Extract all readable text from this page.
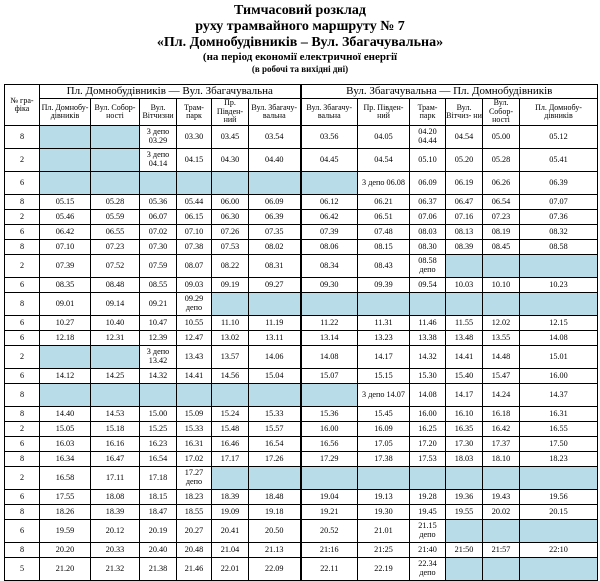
Тимчасовий розклад
руху трамвайного маршруту № 7
«Пл. Домнобудівників – Вул. Збагачувальна»
(на період економії електричної енергії
(в робочі та вихідні дні)
№ гра- фіка	Пл. Домнобудівників — Вул. Збагачувальна						Вул. Збагачувальна — Пл. Домнобудівників					
	Пл. Домнобу- дівників	Вул. Собор- ності	Вул. Вітчизни	Трам- парк	Пр. Півден- ний	Вул. Збагачу- вальна	Вул. Збагачу- вальна	Пр. Півден- ний	Трам- парк	Вул. Вітчиз- ни	Вул. Собор- ності	Пл. Домнобу- дівників
8			3 депо 03.29	03.30	03.45	03.54	03.56	04.05	04.20 04.44	04.54	05.00	05.12
2			3 депо 04.14	04.15	04.30	04.40	04.45	04.54	05.10	05.20	05.28	05.41
6								3 депо 06.08	06.09	06.19	06.26	06.39
8	05.15	05.28	05.36	05.44	06.00	06.09	06.12	06.21	06.37	06.47	06.54	07.07
2	05.46	05.59	06.07	06.15	06.30	06.39	06.42	06.51	07.06	07.16	07.23	07.36
6	06.42	06.55	07.02	07.10	07.26	07.35	07.39	07.48	08.03	08.13	08.19	08.32
8	07.10	07.23	07.30	07.38	07.53	08.02	08.06	08.15	08.30	08.39	08.45	08.58
2	07.39	07.52	07.59	08.07	08.22	08.31	08.34	08.43	08.58 депо			
6	08.35	08.48	08.55	09.03	09.19	09.27	09.30	09.39	09.54	10.03	10.10	10.23
8	09.01	09.14	09.21	09.29 депо								
6	10.27	10.40	10.47	10.55	11.10	11.19	11.22	11.31	11.46	11.55	12.02	12.15
6	12.18	12.31	12.39	12.47	13.02	13.11	13.14	13.23	13.38	13.48	13.55	14.08
2			3 депо 13.42	13.43	13.57	14.06	14.08	14.17	14.32	14.41	14.48	15.01
6	14.12	14.25	14.32	14.41	14.56	15.04	15.07	15.15	15.30	15.40	15.47	16.00
8								3 депо 14.07	14.08	14.17	14.24	14.37
8	14.40	14.53	15.00	15.09	15.24	15.33	15.36	15.45	16.00	16.10	16.18	16.31
2	15.05	15.18	15.25	15.33	15.48	15.57	16.00	16.09	16.25	16.35	16.42	16.55
6	16.03	16.16	16.23	16.31	16.46	16.54	16.56	17.05	17.20	17.30	17.37	17.50
8	16.34	16.47	16.54	17.02	17.17	17.26	17.29	17.38	17.53	18.03	18.10	18.23
2	16.58	17.11	17.18	17.27 депо								
6	17.55	18.08	18.15	18.23	18.39	18.48	19.04	19.13	19.28	19.36	19.43	19.56
8	18.26	18.39	18.47	18.55	19.09	19.18	19.21	19.30	19.45	19.55	20.02	20.15
6	19.59	20.12	20.19	20.27	20.41	20.50	20.52	21.01	21.15 депо			
8	20.20	20.33	20.40	20.48	21.04	21.13	21:16	21:25	21:40	21:50	21:57	22:10
5	21.20	21.32	21.38	21.46	22.01	22.09	22.11	22.19	22.34 депо			
